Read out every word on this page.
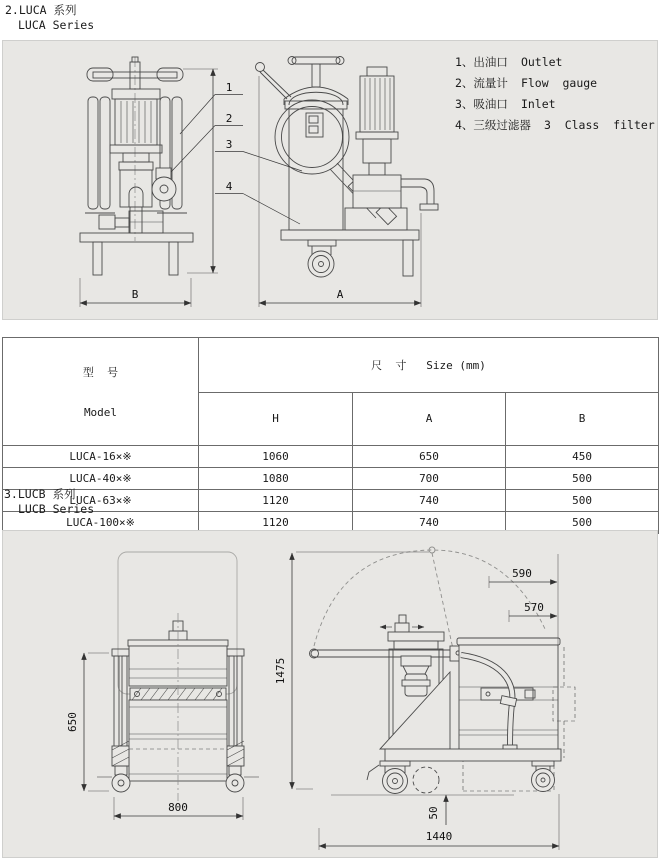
2.LUCA 系列
LUCA Series
B	A
1
2
3
4
1、出油口 Outlet
2、流量计 Flow  gauge
3、吸油口 Inlet
4、三级过滤器 3  Class  filter

型  号

Model	尺  寸   Size (mm)		
	H	A	B
LUCA-16×※	1060	650	450
LUCA-40×※	1080	700	500
LUCA-63×※	1120	740	500
LUCA-100×※	1120	740	500
3.LUCB 系列
LUCB Series
650
800
1475
590
570
50
1440
